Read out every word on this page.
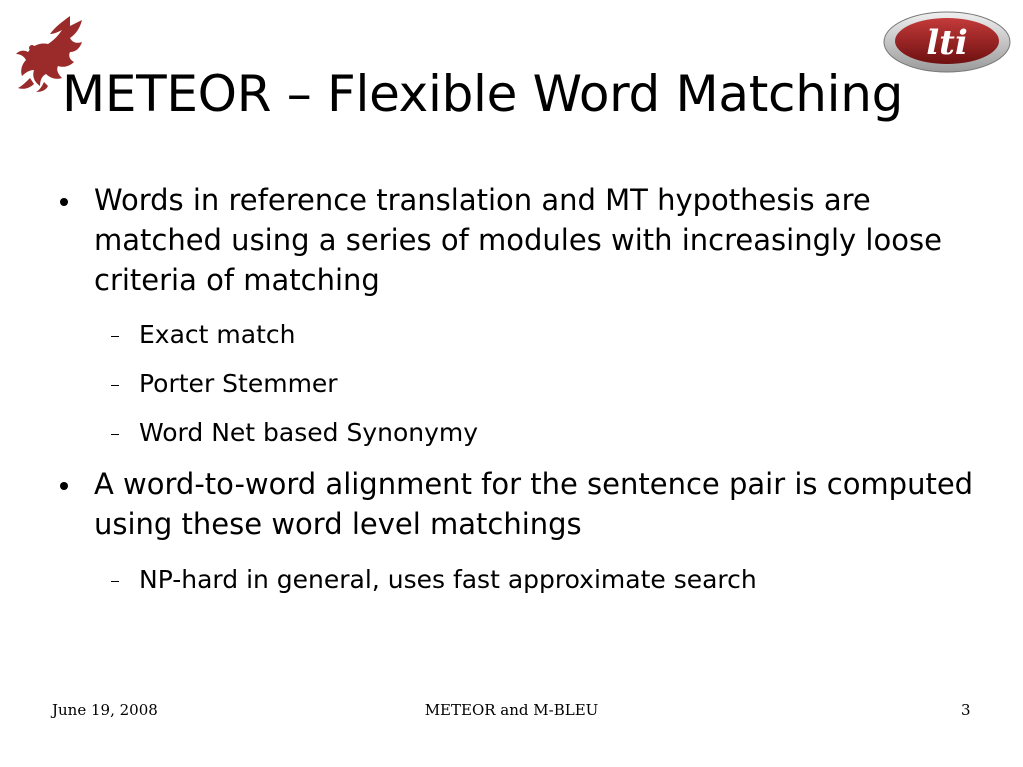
lti
METEOR – Flexible Word Matching
Words in reference translation and MT hypothesis are matched using a series of modules with increasingly loose criteria of matching
Exact match
Porter Stemmer
Word Net based Synonymy
A word-to-word alignment for the sentence pair is computed using these word level matchings
NP-hard in general, uses fast approximate search
June 19, 2008	METEOR and M-BLEU	3
